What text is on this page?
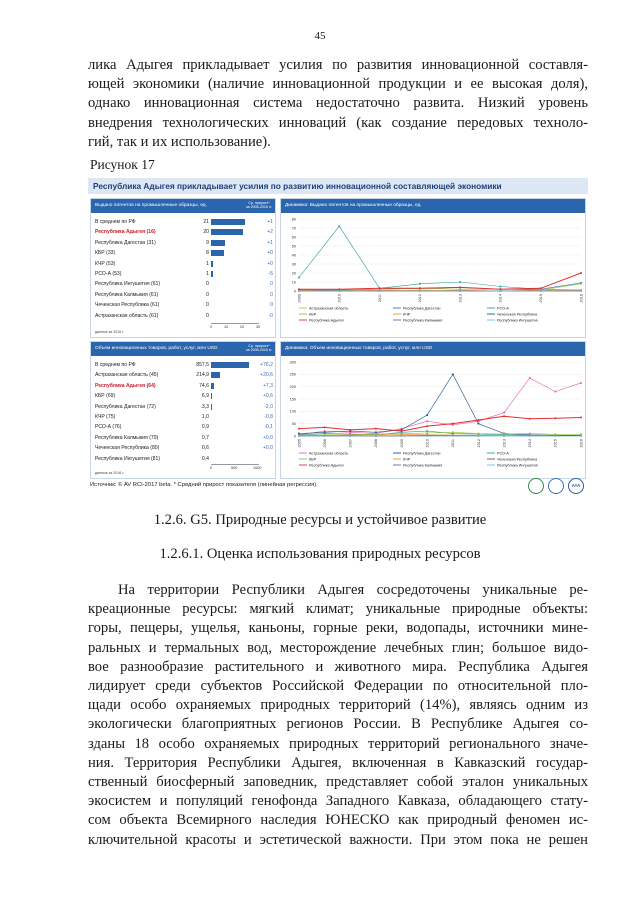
45
лика Адыгея прикладывает усилия по развития инновационной составля-
ющей экономики (наличие инновационной продукции и ее высокая доля),
однако инновационная система недостаточно развита. Низкий уровень
внедрения технологических инноваций (как создание передовых техноло-
гий, так и их использование).
Рисунок 17
Республика Адыгея прикладывает усилия по развитию инновационной составляющей экономики
Выдано патентов на промышленные образцы, ед.	Ср. прирост* за 2006-2016 гг.
В среднем по РФ	21	+1
Республика Адыгея (16)	20	+2
Республика Дагестан (31)	9	+1
КБР (33)	8	+0
КЧР (53)	1	+0
РСО-А (53)	1	-5
Республика Ингушетия (61)	0	0
Республика Калмыкия (61)	0	0
Чеченская Республика (61)	0	0
Астраханская область (61)	0	-0
0	10	20	30
данные за 2016 г.
Динамика: Выдано патентов на промышленные образцы, ед.
0
10
20
30
40
50
60
70
80
2009	2010	2011	2012	2013	2014	2015	2016
Астраханская область	Республика Дагестан	РСО-А
КБР	КЧР	Чеченская Республика
Республика Адыгея	Республика Калмыкия	Республика Ингушетия
Объем инновационных товаров, работ, услуг, млн USD	Ср. прирост* за 2006-2016 гг.
В среднем по РФ	857,5	+76,2
Астраханская область (45)	214,9	+20,6
Республика Адыгея (64)	74,6	+7,3
КБР (69)	6,9	+0,6
Республика Дагестан (72)	3,3	-2,0
КЧР (75)	1,0	-0,8
РСО-А (76)	0,9	-0,1
Республика Калмыкия (79)	0,7	+0,0
Чеченская Республика (80)	0,6	+0,0
Республика Ингушетия (81)	0,4
0	500	1000
данные за 2016 г.
Динамика: Объем инновационных товаров, работ, услуг, млн USD
0
50
100
150
200
250
300
2005	2006	2007	2008	2009	2010	2011	2012	2013	2014	2015	2016
Астраханская область	Республика Дагестан	РСО-А
КБР	КЧР	Чеченская Республика
Республика Адыгея	Республика Калмыкия	Республика Ингушетия
Источник: © AV RCI-2017 beta. * Средний прирост показателя (линейная регрессия).	AYA
1.2.6. G5. Природные ресурсы и устойчивое развитие
1.2.6.1. Оценка использования природных ресурсов
На территории Республики Адыгея сосредоточены уникальные ре-
креационные ресурсы: мягкий климат; уникальные природные объекты:
горы, пещеры, ущелья, каньоны, горные реки, водопады, источники мине-
ральных и термальных вод, месторождение лечебных глин; большое видо-
вое разнообразие растительного и животного мира. Республика Адыгея
лидирует среди субъектов Российской Федерации по относительной пло-
щади особо охраняемых природных территорий (14%), являясь одним из
экологически благоприятных регионов России. В Республике Адыгея со-
зданы 18 особо охраняемых природных территорий регионального значе-
ния. Территория Республики Адыгея, включенная в Кавказский государ-
ственный биосферный заповедник, представляет собой эталон уникальных
экосистем и популяций генофонда Западного Кавказа, обладающего стату-
сом объекта Всемирного наследия ЮНЕСКО как природный феномен ис-
ключительной красоты и эстетической важности. При этом пока не решен
